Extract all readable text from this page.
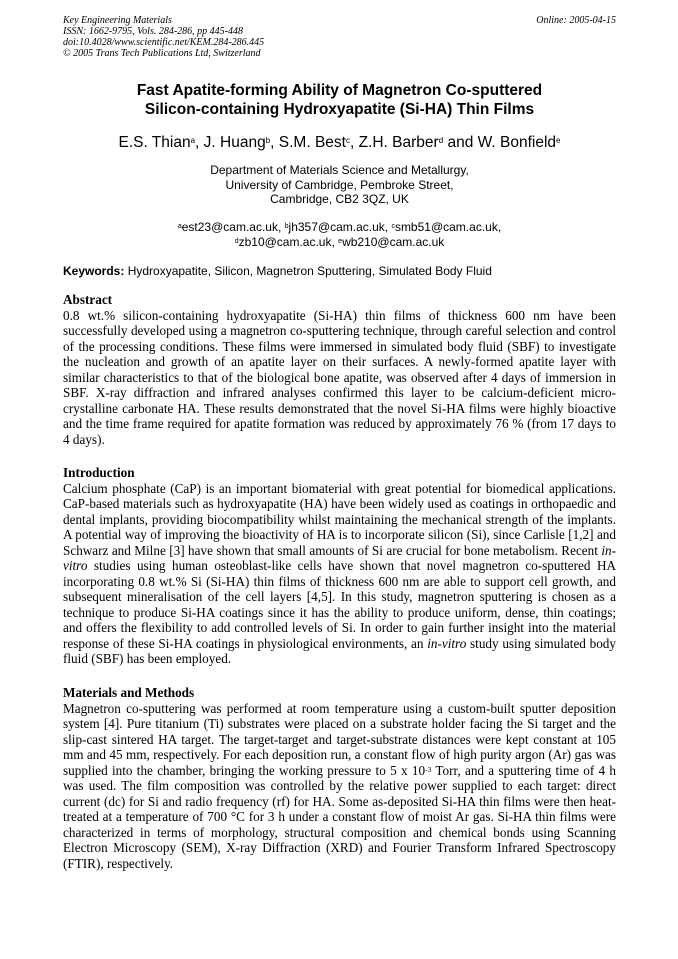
Key Engineering Materials
ISSN: 1662-9795, Vols. 284-286, pp 445-448
doi:10.4028/www.scientific.net/KEM.284-286.445
© 2005 Trans Tech Publications Ltd, Switzerland
Online: 2005-04-15
Fast Apatite-forming Ability of Magnetron Co-sputtered
Silicon-containing Hydroxyapatite (Si-HA) Thin Films
E.S. Thian$^a$, J. Huang$^b$, S.M. Best$^c$, Z.H. Barber$^d$ and W. Bonfield$^e$
Department of Materials Science and Metallurgy,
University of Cambridge, Pembroke Street,
Cambridge, CB2 3QZ, UK
$^a$est23@cam.ac.uk, $^b$jh357@cam.ac.uk, $^c$smb51@cam.ac.uk,
$^d$zb10@cam.ac.uk, $^e$wb210@cam.ac.uk
Keywords: Hydroxyapatite, Silicon, Magnetron Sputtering, Simulated Body Fluid
Abstract

0.8 wt.% silicon-containing hydroxyapatite (Si-HA) thin films of thickness 600 nm have been successfully developed using a magnetron co-sputtering technique, through careful selection and control of the processing conditions. These films were immersed in simulated body fluid (SBF) to investigate the nucleation and growth of an apatite layer on their surfaces. A newly-formed apatite layer with similar characteristics to that of the biological bone apatite, was observed after 4 days of immersion in SBF. X-ray diffraction and infrared analyses confirmed this layer to be calcium-deficient micro-crystalline carbonate HA. These results demonstrated that the novel Si-HA films were highly bioactive and the time frame required for apatite formation was reduced by approximately 76 % (from 17 days to 4 days).

Introduction

Calcium phosphate (CaP) is an important biomaterial with great potential for biomedical applications. CaP-based materials such as hydroxyapatite (HA) have been widely used as coatings in orthopaedic and dental implants, providing biocompatibility whilst maintaining the mechanical strength of the implants. A potential way of improving the bioactivity of HA is to incorporate silicon (Si), since Carlisle [1,2] and Schwarz and Milne [3] have shown that small amounts of Si are crucial for bone metabolism. Recent in-vitro studies using human osteoblast-like cells have shown that novel magnetron co-sputtered HA incorporating 0.8 wt.% Si (Si-HA) thin films of thickness 600 nm are able to support cell growth, and subsequent mineralisation of the cell layers [4,5]. In this study, magnetron sputtering is chosen as a technique to produce Si-HA coatings since it has the ability to produce uniform, dense, thin coatings; and offers the flexibility to add controlled levels of Si. In order to gain further insight into the material response of these Si-HA coatings in physiological environments, an in-vitro study using simulated body fluid (SBF) has been employed.

Materials and Methods

Magnetron co-sputtering was performed at room temperature using a custom-built sputter deposition system [4]. Pure titanium (Ti) substrates were placed on a substrate holder facing the Si target and the slip-cast sintered HA target. The target-target and target-substrate distances were kept constant at 105 mm and 45 mm, respectively. For each deposition run, a constant flow of high purity argon (Ar) gas was supplied into the chamber, bringing the working pressure to 5 x $10^{-3}$ Torr, and a sputtering time of 4 h was used. The film composition was controlled by the relative power supplied to each target: direct current (dc) for Si and radio frequency (rf) for HA. Some as-deposited Si-HA thin films were then heat-treated at a temperature of 700 °C for 3 h under a constant flow of moist Ar gas. Si-HA thin films were characterized in terms of morphology, structural composition and chemical bonds using Scanning Electron Microscopy (SEM), X-ray Diffraction (XRD) and Fourier Transform Infrared Spectroscopy (FTIR), respectively.
